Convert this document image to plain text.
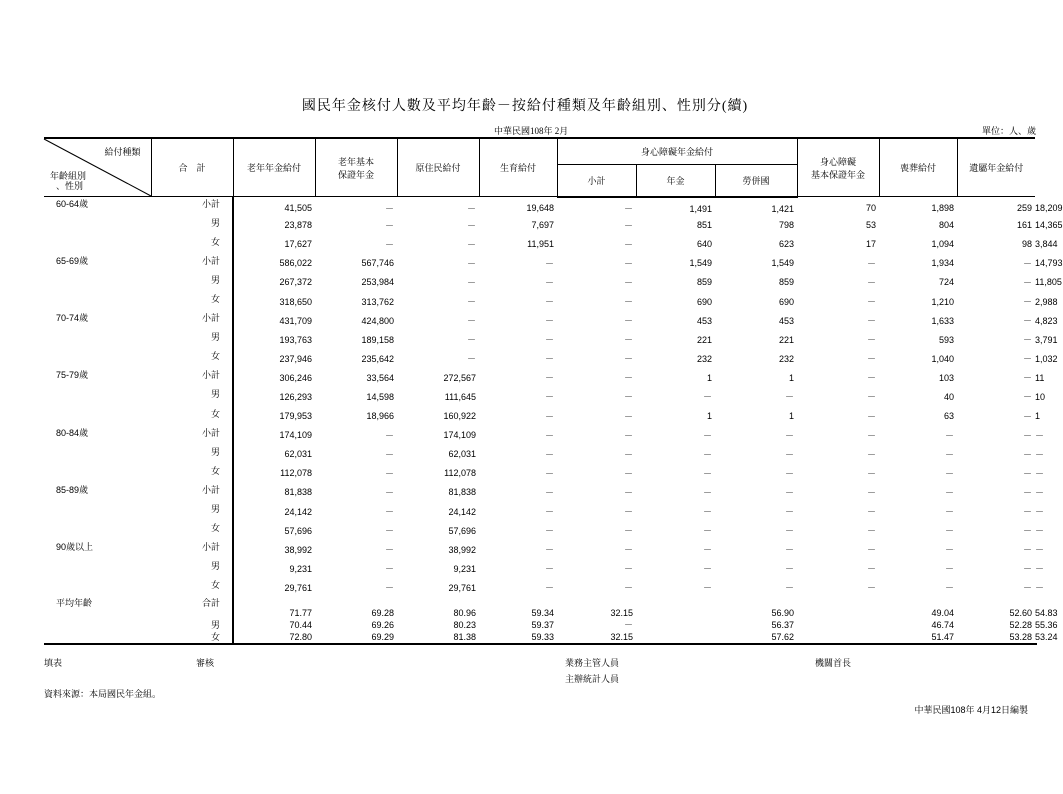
國民年金核付人數及平均年齡－按給付種類及年齡組別、性別分(續)
中華民國108年 2月	單位：人、歲
給付種類
年齡組別
、性別	合　計	老年年金給付	老年基本
保證年金	原住民給付	生育給付	身心障礙年金給付			身心障礙
基本保證年金	喪葬給付	遺屬年金給付	
						小計	年金	勞併國				

60-64歲 小計		41,505	－	－	19,648	－	1,491	1,421	70	1,898	259	18,209

男		23,878	－	－	7,697	－	851	798	53	804	161	14,365

女		17,627	－	－	11,951	－	640	623	17	1,094	98	3,844

65-69歲 小計		586,022	567,746	－	－	－	1,549	1,549	－	1,934	－	14,793

男		267,372	253,984	－	－	－	859	859	－	724	－	11,805

女		318,650	313,762	－	－	－	690	690	－	1,210	－	2,988

70-74歲 小計		431,709	424,800	－	－	－	453	453	－	1,633	－	4,823

男		193,763	189,158	－	－	－	221	221	－	593	－	3,791

女		237,946	235,642	－	－	－	232	232	－	1,040	－	1,032

75-79歲 小計		306,246	33,564	272,567	－	－	1	1	－	103	－	11

男		126,293	14,598	111,645	－	－	－	－	－	40	－	10

女		179,953	18,966	160,922	－	－	1	1	－	63	－	1

80-84歲 小計		174,109	－	174,109	－	－	－	－	－	－	－	－

男		62,031	－	62,031	－	－	－	－	－	－	－	－

女		112,078	－	112,078	－	－	－	－	－	－	－	－

85-89歲 小計		81,838	－	81,838	－	－	－	－	－	－	－	－

男		24,142	－	24,142	－	－	－	－	－	－	－	－

女		57,696	－	57,696	－	－	－	－	－	－	－	－

90歲以上 小計		38,992	－	38,992	－	－	－	－	－	－	－	－

男		9,231	－	9,231	－	－	－	－	－	－	－	－

女		29,761	－	29,761	－	－	－	－	－	－	－	－

平均年齡 合計		71.77	69.28	80.96	59.34	32.15		56.90		49.04	52.60	54.83

男		70.44	69.26	80.23	59.37	－		56.37		46.74	52.28	55.36

女		72.80	69.29	81.38	59.33	32.15		57.62		51.47	53.28	53.24
填表	審核	業務主管人員
主辦統計人員
機關首長
資料來源：本局國民年金組。
中華民國108年 4月12日編製
